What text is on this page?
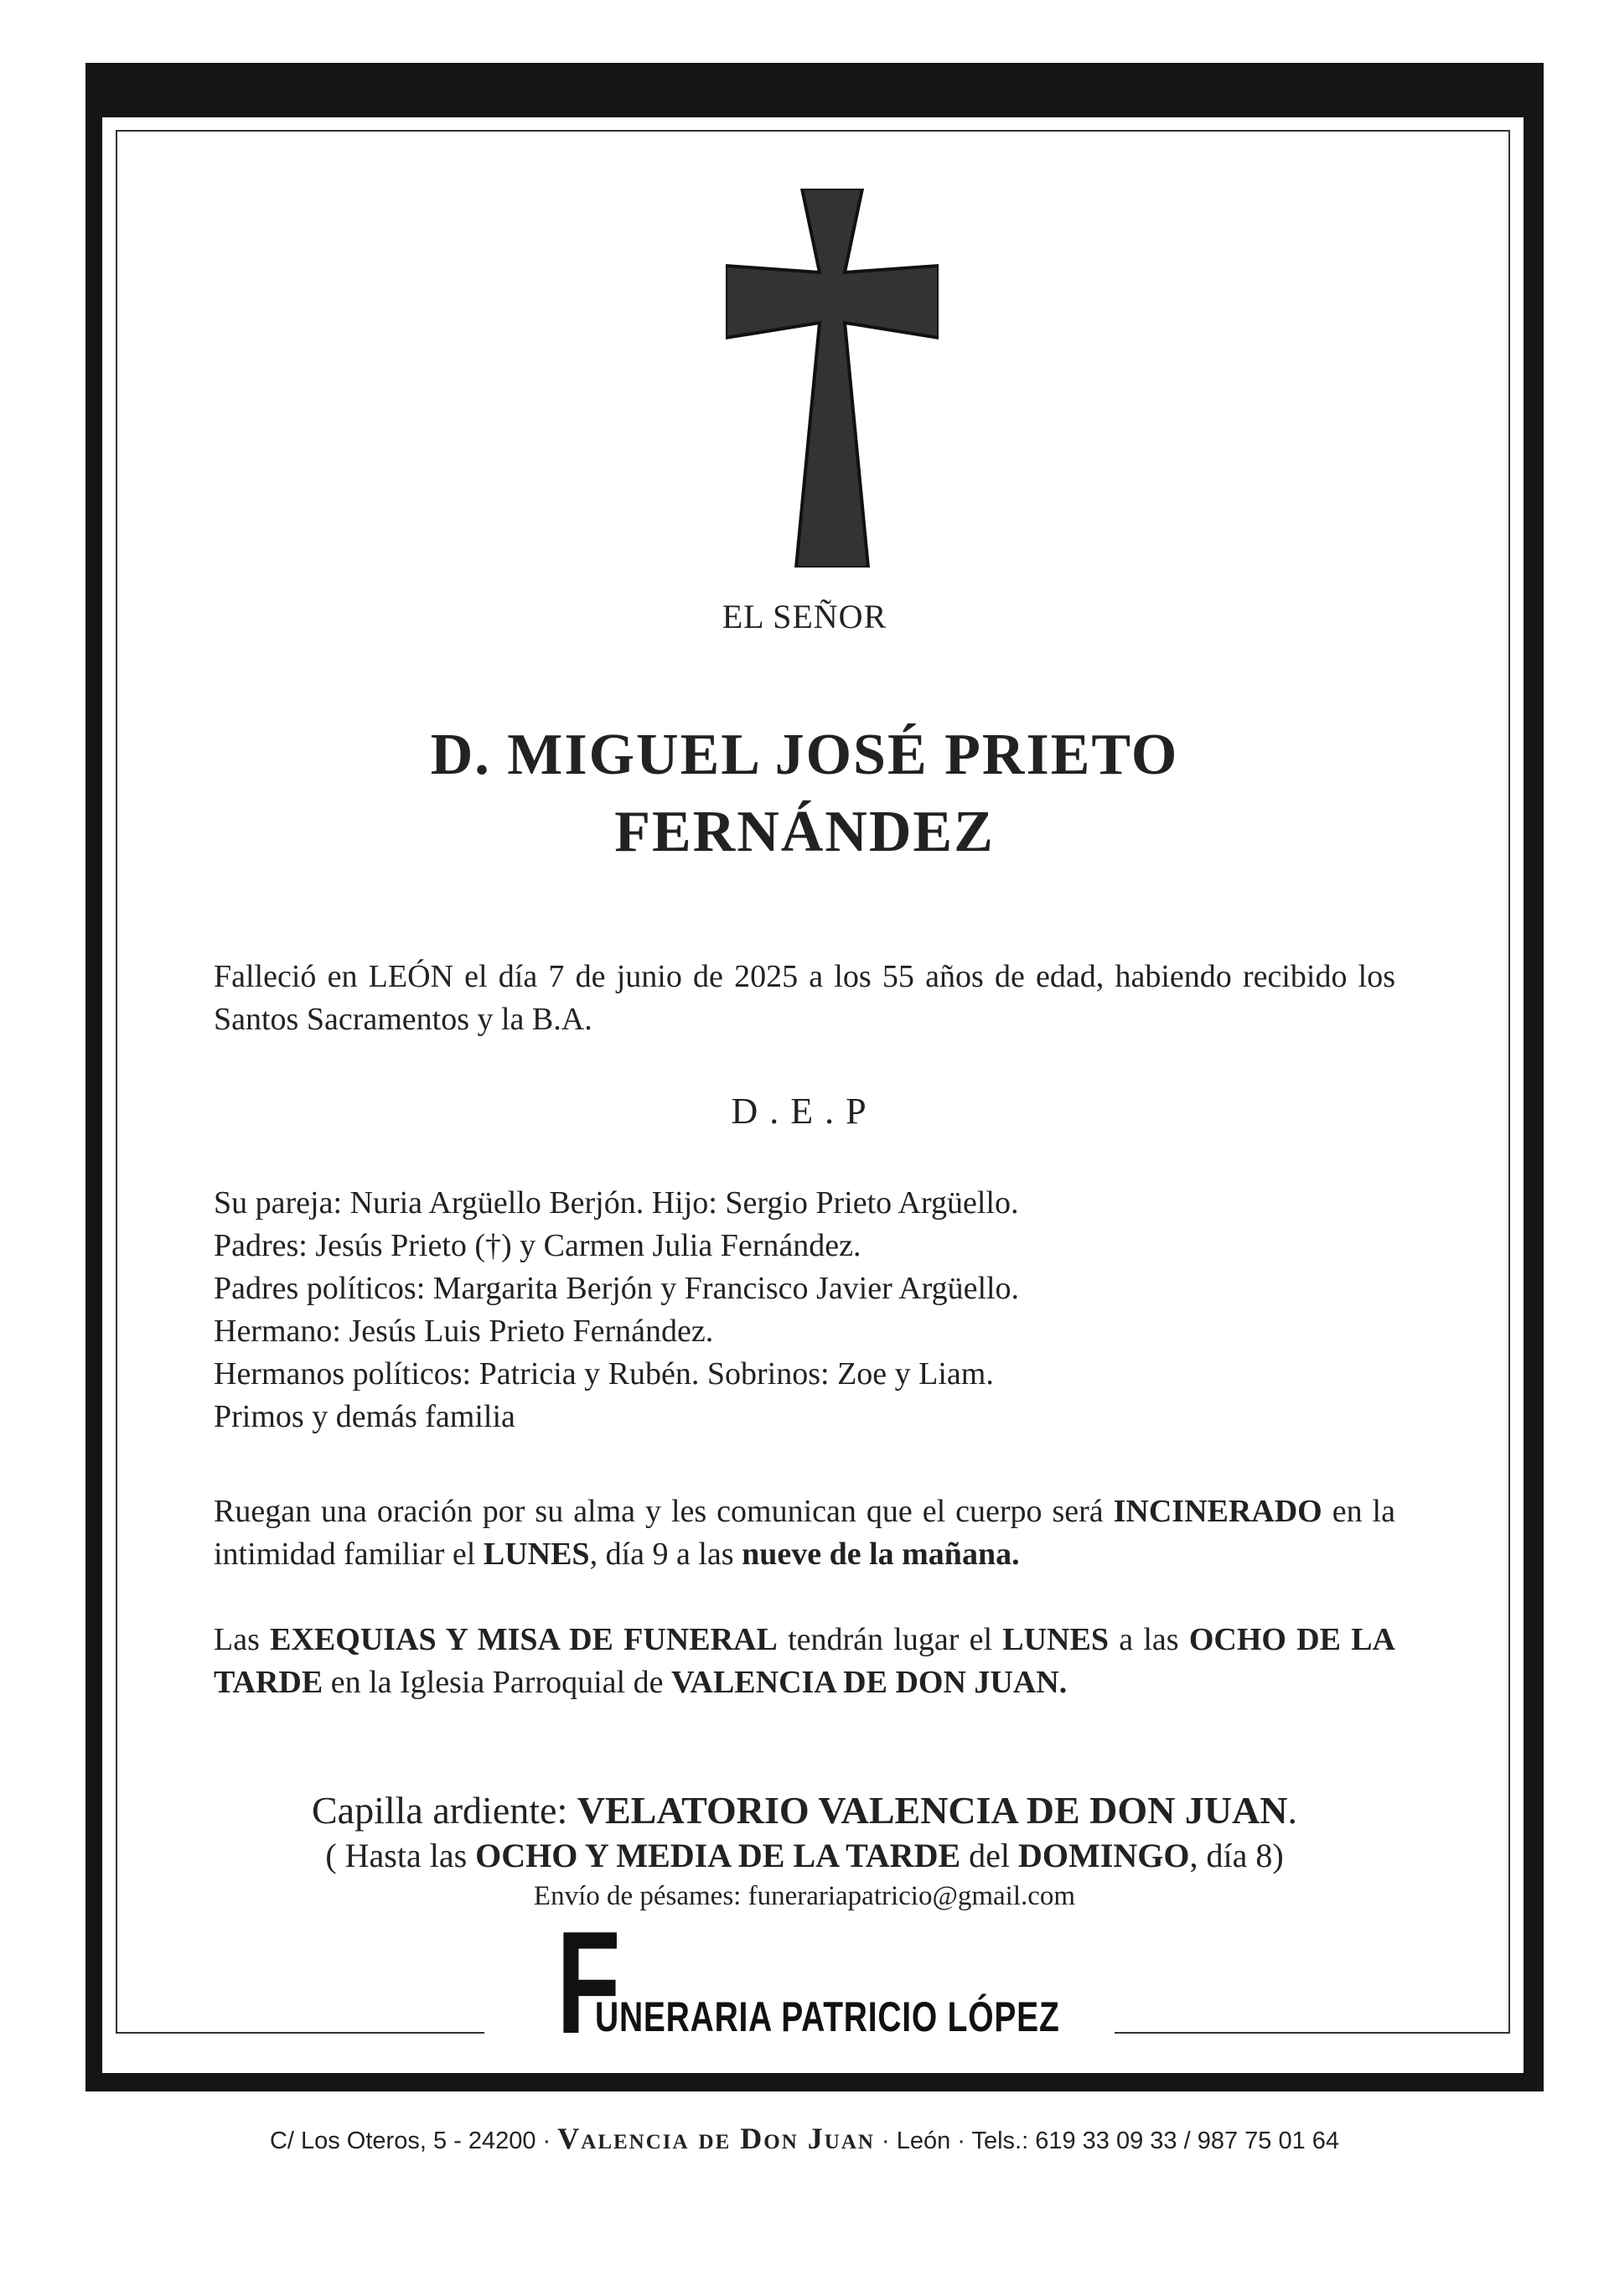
EL SEÑOR
D. MIGUEL JOSÉ PRIETO
FERNÁNDEZ
Falleció en LEÓN el día 7 de junio de 2025 a los 55 años de edad, habiendo recibido los Santos Sacramentos y la B.A.
D.E.P
Su pareja: Nuria Argüello Berjón. Hijo: Sergio Prieto Argüello.
Padres: Jesús Prieto (†) y Carmen Julia Fernández.
Padres políticos: Margarita Berjón y Francisco Javier Argüello.
Hermano: Jesús Luis Prieto Fernández.
Hermanos políticos: Patricia y Rubén. Sobrinos: Zoe y Liam.
Primos y demás familia
Ruegan una oración por su alma y les comunican que el cuerpo será INCINERADO en la intimidad familiar el LUNES, día 9 a las nueve de la mañana.
Las EXEQUIAS Y MISA DE FUNERAL tendrán lugar el LUNES a las OCHO DE LA TARDE en la Iglesia Parroquial de VALENCIA DE DON JUAN.
Capilla ardiente: VELATORIO VALENCIA DE DON JUAN.
( Hasta las OCHO Y MEDIA DE LA TARDE del DOMINGO, día 8)
Envío de pésames: funerariapatricio@gmail.com
F
UNERARIA PATRICIO LÓPEZ
C/ Los Oteros, 5 - 24200 · Valencia de Don Juan · León · Tels.: 619 33 09 33 / 987 75 01 64
